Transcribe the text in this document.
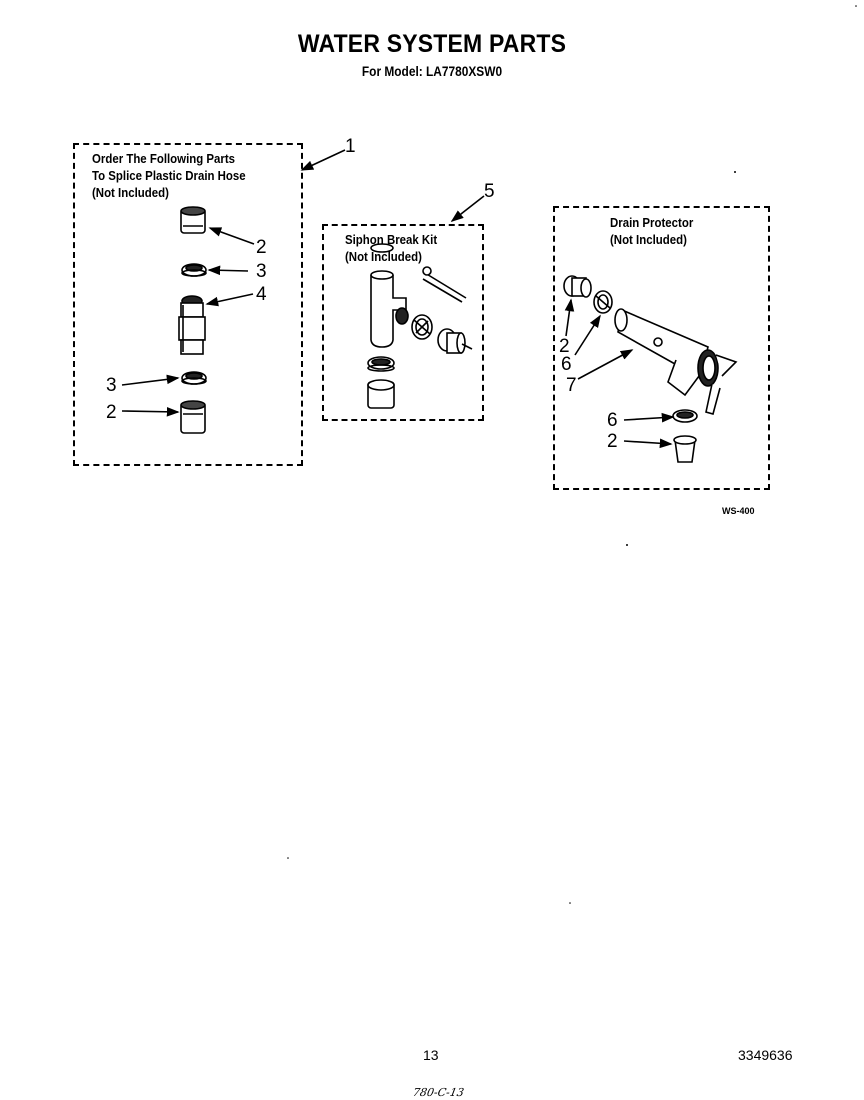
WATER SYSTEM PARTS
For Model: LA7780XSW0
Order The Following Parts
To Splice Plastic Drain Hose
(Not Included)
Siphon Break Kit
(Not Included)
Drain Protector
(Not Included)
1
5
2
3
4
3
2
2
6
7
6
2
WS-400
13	3349636
780-C-13
